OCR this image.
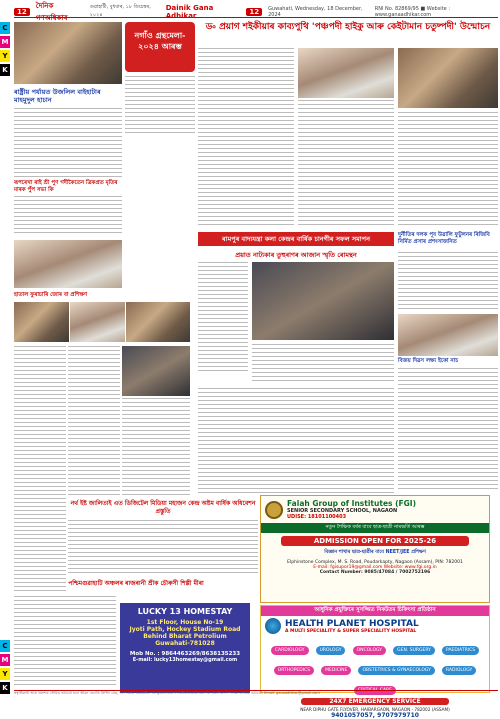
C
M
Y
K
C
M
Y
K
12
দৈনিক গণঅধিকাৰ
গুৱাহাটী, বুধবাৰ, ১৮ ডিচেম্বৰ, ২০২৪
Dainik Gana Adhikar	12	Guwahati, Wednesday, 18 December, 2024
RNI No. 82869/95 ■ Website : www.ganaadhikar.com
নগাঁও গ্ৰন্থমেলা- ২০২৪ আৰম্ভ
ৰাষ্ট্ৰীয় পৰ্যায়ত উজলিল বাইহাটাৰ মাহমুদুল হাচান
ৰূপৰেখা ৰাই শ্ৰী পুণ গদীকৈতেন ত্ৰিকপ্ৰত মৃতিৰ মাৰক পুঁপ সভা কি
হাতাল ফুৰাচাৰি জোৰ বা প্ৰশিক্ষণ
ড৹ প্ৰয়াগ শইকীয়াৰ কাব্যপুথি 'পঞ্চপদী হাইকু আৰু কেইটামান চতুষ্পদী' উন্মোচন
ৰামপুৰ বাদ্যযন্ত্ৰা কলা কেন্দ্ৰৰ বাৰ্ষিক চানগীৰ সফল সমাপন	দুৰ্নীতিৰ দলক পূব উৱালি ফুটুলনৰ ৰিজিবি নিৰ্মিত প্ৰসাৰ প্ৰশংসাজনিত
প্ৰয়াত নাট্যকাৰ তুহুৰাণৰ আজান স্মৃতি ৰোমন্থন
বিজয় দিৱস লক্ষ্য ইকো নাচ
নৰ্থ ইষ্ট জালিতাই এত ডিজিটেল মিডিয়া মহাজন কেন্দ্ৰ অষ্টম বাৰ্ষিক অধিবেশন প্ৰস্তুতি
পশ্চিমগুৱাহাটি অঞ্চলৰ ৰাজৰানী শ্ৰীক চৌৰুসী শিল্পী মীৰা
LUCKY 13 HOMESTAY
1st Floor, House No-19
Jyoti Path, Hockey Stadium Road
Behind Bharat Petrolium
Guwahati-781028
Mob No. : 9864463269/8638135233
E-mail: lucky13homestay@gmail.com
Falah Group of Institutes (FGI)
SENIOR SECONDARY SCHOOL, NAGAON
UDISE: 18101100403
নতুন শৈক্ষিক বৰ্ষৰ বাবে ছাত্ৰ-ছাত্ৰী নামভৰ্তি আৰম্ভ
ADMISSION OPEN FOR 2025-26
বিজ্ঞান শাখাৰ ছাত্ৰ-ছাত্ৰীৰ বাবে NEET/JEE প্ৰশিক্ষণ
Elphinstone Complex, M. S. Road, Poudarkapty, Nagaon (Assam), PIN: 782001
E-mail: fgisupor19@gmail.com Website: www.fgi.org.in
Contact Number: 9085/47084 / 7002752196
আধুনিক প্ৰযুক্তিৰে সুসজ্জিত নিকটতম চিকিৎসা প্ৰতিষ্ঠান
HEALTH PLANET HOSPITAL
A MULTI SPECIALITY & SUPER SPECIALITY HOSPITAL
CARDIOLOGY	UROLOGY	ONCOLOGY	GEN. SURGERY	PAEDIATRICS ORTHOPEDICS	MEDICINE	OBSTETRICS & GYNAECOLOGY	RADIOLOGY CRITICAL CARE
24X7 EMERGENCY SERVICE
NEAR DIPHU GATE FLYOVER, HAIBARGAON, NAGAON - 782002 (ASSAM)
9401057057, 9707979710
স্বত্বাধিকাৰী আৰু প্ৰকাশক সৌমিত্ৰ ভট্টাচাৰ্য দ্বাৰা জীৱন জ্যোতি প্ৰিণ্টিং প্ৰেছ, গণেশগুৰি, গুৱাহাটীৰ পৰা মুদ্ৰিত আৰু গণঅধিকাৰ কাৰ্যালয়ৰ পৰা প্ৰকাশিত। সম্পাদক: সৌমিত্ৰ ভট্টাচাৰ্য। Email: ganaadhikar@gmail.com
